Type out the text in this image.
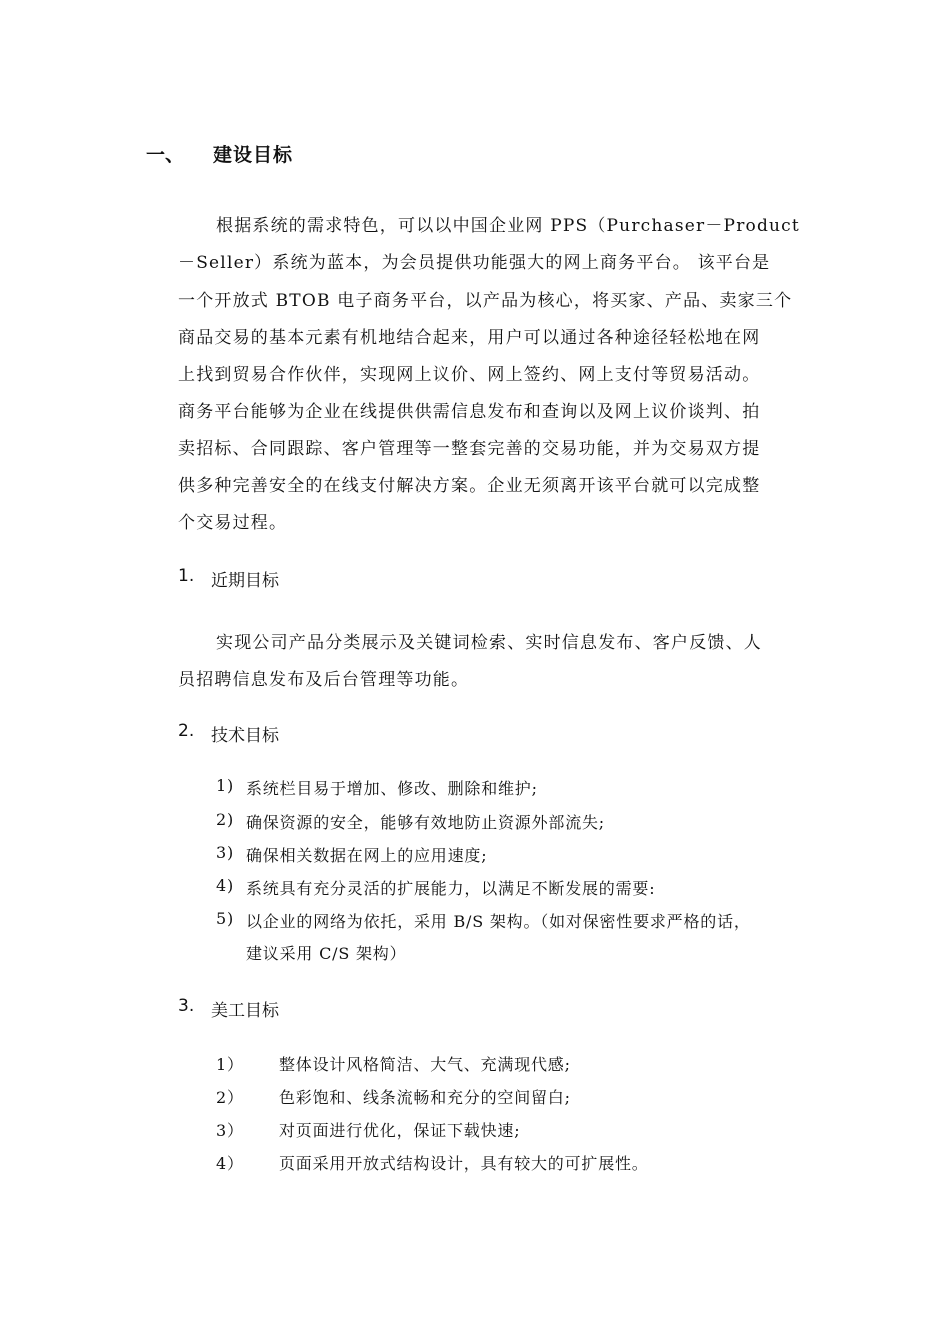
一、 建设目标
根据系统的需求特色，可以以中国企业网 PPS（Purchaser－Product
－Seller）系统为蓝本，为会员提供功能强大的网上商务平台。 该平台是
一个开放式 BTOB 电子商务平台，以产品为核心，将买家、产品、卖家三个
商品交易的基本元素有机地结合起来，用户可以通过各种途径轻松地在网
上找到贸易合作伙伴，实现网上议价、网上签约、网上支付等贸易活动。
商务平台能够为企业在线提供供需信息发布和查询以及网上议价谈判、拍
卖招标、合同跟踪、客户管理等一整套完善的交易功能，并为交易双方提
供多种完善安全的在线支付解决方案。企业无须离开该平台就可以完成整
个交易过程。
1. 近期目标
实现公司产品分类展示及关键词检索、实时信息发布、客户反馈、人
员招聘信息发布及后台管理等功能。
2. 技术目标
1) 系统栏目易于增加、修改、删除和维护;
2) 确保资源的安全，能够有效地防止资源外部流失;
3) 确保相关数据在网上的应用速度;
4) 系统具有充分灵活的扩展能力，以满足不断发展的需要:
5) 以企业的网络为依托，采用 B/S 架构。（如对保密性要求严格的话，
建议采用 C/S 架构）
3. 美工目标
1） 整体设计风格简洁、大气、充满现代感;
2） 色彩饱和、线条流畅和充分的空间留白;
3） 对页面进行优化，保证下载快速;
4） 页面采用开放式结构设计，具有较大的可扩展性。
